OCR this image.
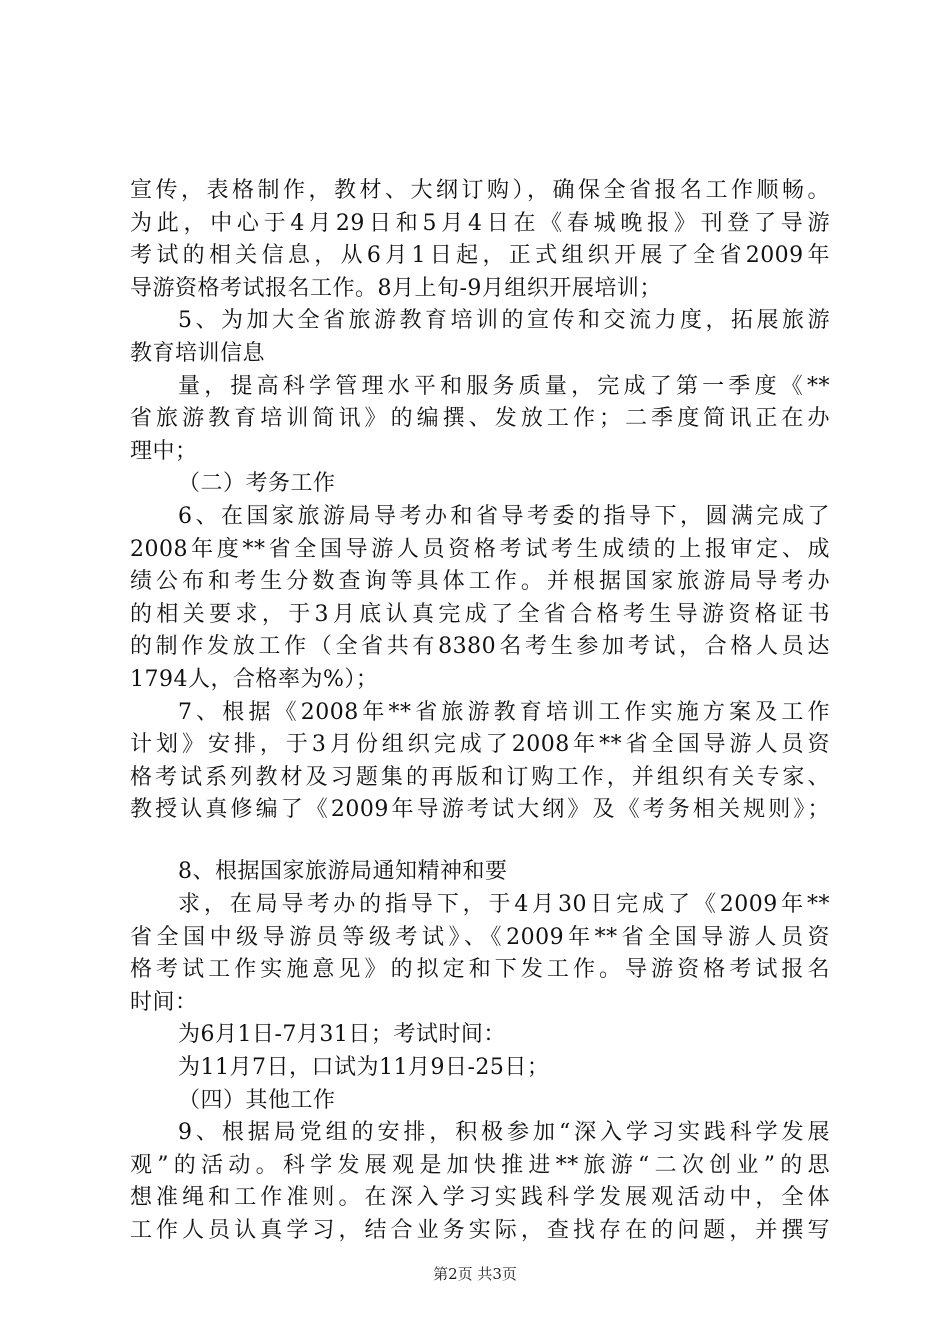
宣传，表格制作，教材、大纲订购），确保全省报名工作顺畅。
为此，中心于4月29日和5月4日在《春城晚报》刊登了导游
考试的相关信息，从6月1日起，正式组织开展了全省2009年
导游资格考试报名工作。8月上旬-9月组织开展培训；
5、为加大全省旅游教育培训的宣传和交流力度，拓展旅游
教育培训信息
量，提高科学管理水平和服务质量，完成了第一季度《**
省旅游教育培训简讯》的编撰、发放工作；二季度简讯正在办
理中；
（二）考务工作
6、在国家旅游局导考办和省导考委的指导下，圆满完成了
2008年度**省全国导游人员资格考试考生成绩的上报审定、成
绩公布和考生分数查询等具体工作。并根据国家旅游局导考办
的相关要求，于3月底认真完成了全省合格考生导游资格证书
的制作发放工作（全省共有8380名考生参加考试，合格人员达
1794人，合格率为%）；
7、根据《2008年**省旅游教育培训工作实施方案及工作
计划》安排，于3月份组织完成了2008年**省全国导游人员资
格考试系列教材及习题集的再版和订购工作，并组织有关专家、
教授认真修编了《2009年导游考试大纲》及《考务相关规则》；
8、根据国家旅游局通知精神和要
求，在局导考办的指导下，于4月30日完成了《2009年**
省全国中级导游员等级考试》、《2009年**省全国导游人员资
格考试工作实施意见》的拟定和下发工作。导游资格考试报名
时间：
为6月1日-7月31日；考试时间：
为11月7日，口试为11月9日-25日；
（四）其他工作
第2页 共3页
9、根据局党组的安排，积极参加“深入学习实践科学发展
观”的活动。科学发展观是加快推进**旅游“二次创业”的思
想准绳和工作准则。在深入学习实践科学发展观活动中，全体
工作人员认真学习，结合业务实际，查找存在的问题，并撰写
